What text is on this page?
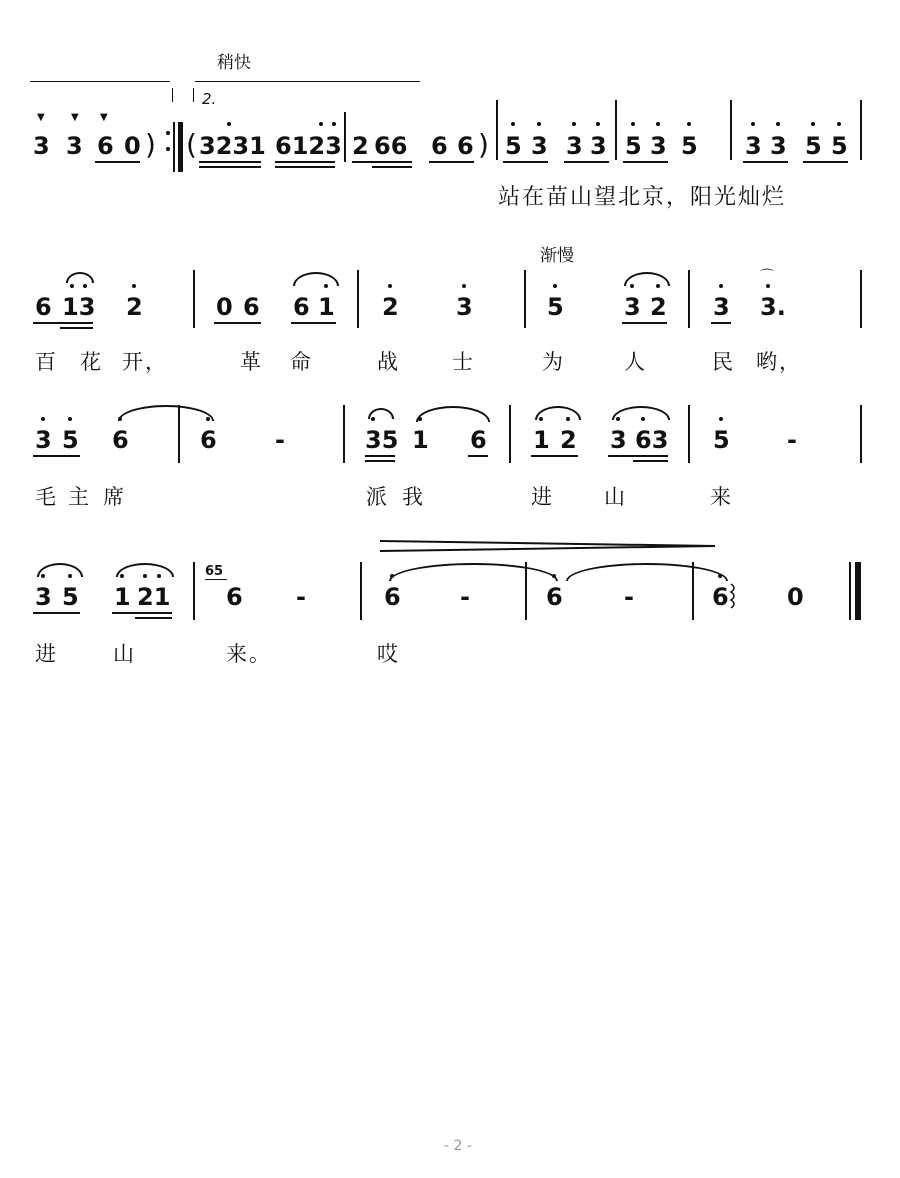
稍快
2.
▼	▼ ▼
3 3 6 0 ) ( 3231 6123 2 66 6 6 ) 5 3 3 3 5 3 5 3 3 5 5
站在苗山望北京，阳光灿烂
渐慢
6 13 2	0 6 6 1 2 3	5	3 2 3 3.
⌒
百 花 开，	革 命	战 士	为	人	民 哟，
3 5 6	6 -	35 1 6 1 2 3 63 5 -
毛 主 席	派 我	进 山	来
3 5 1 21
65
6 -	6 -	6	-	6 0
进	山	来。	哎
- 2 -
